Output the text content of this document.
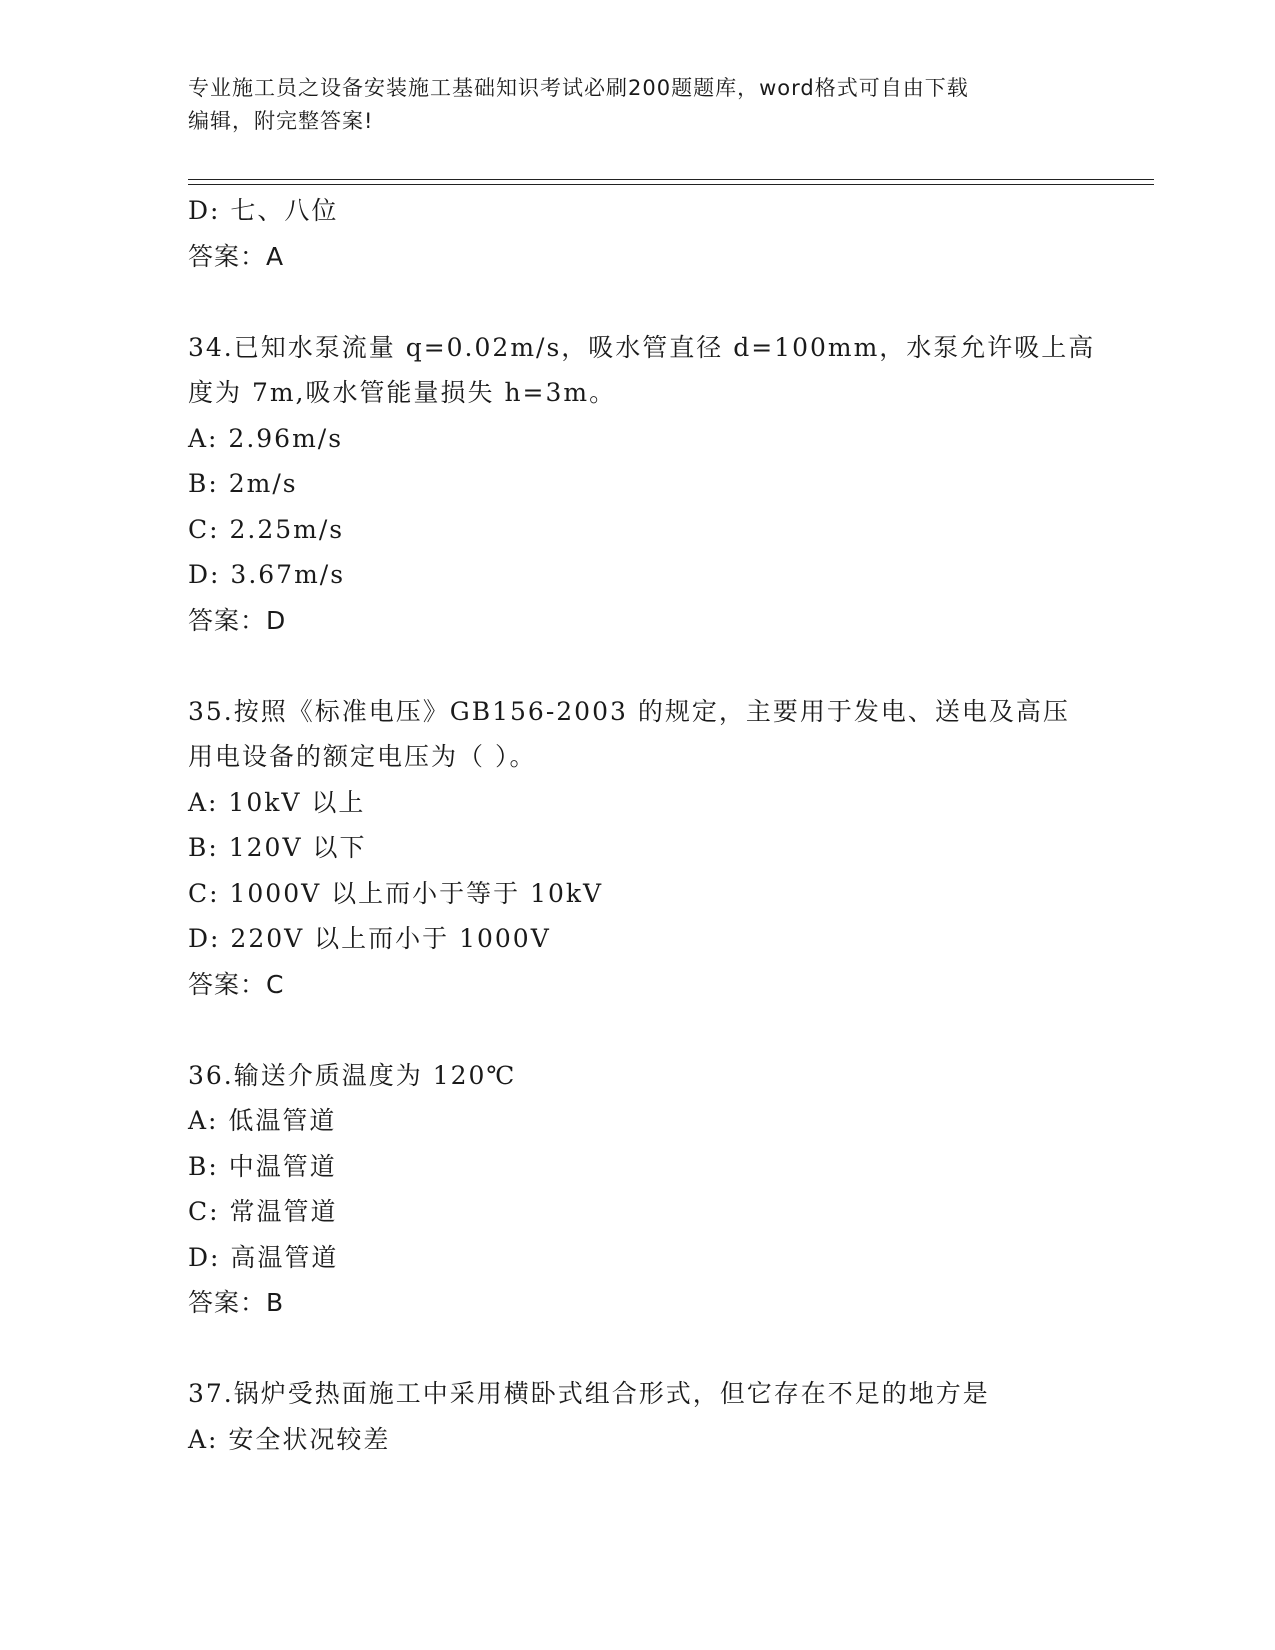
专业施工员之设备安装施工基础知识考试必刷200题题库，word格式可自由下载
编辑，附完整答案!
D: 七、八位
答案：A
34.已知水泵流量 q=0.02m/s，吸水管直径 d=100mm，水泵允许吸上高
度为 7m,吸水管能量损失 h=3m。
A: 2.96m/s
B: 2m/s
C: 2.25m/s
D: 3.67m/s
答案：D
35.按照《标准电压》GB156-2003 的规定，主要用于发电、送电及高压
用电设备的额定电压为（ ）。
A: 10kV 以上
B: 120V 以下
C: 1000V 以上而小于等于 10kV
D: 220V 以上而小于 1000V
答案：C
36.输送介质温度为 120℃
A: 低温管道
B: 中温管道
C: 常温管道
D: 高温管道
答案：B
37.锅炉受热面施工中采用横卧式组合形式，但它存在不足的地方是
A: 安全状况较差
